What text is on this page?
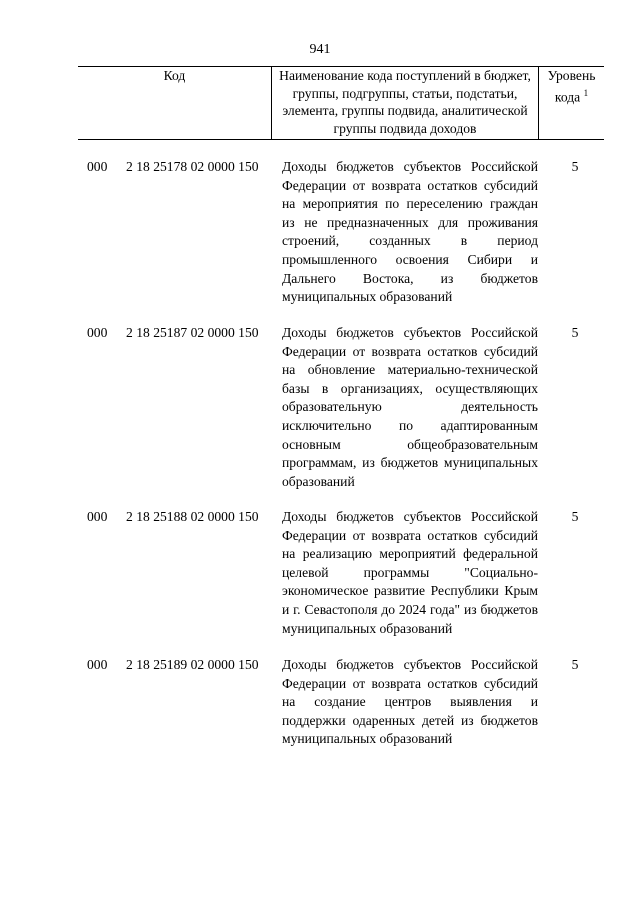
941
Код	Наименование кода поступлений в бюджет, группы, подгруппы, статьи, подстатьи, элемента, группы подвида, аналитической группы подвида доходов
Уровень кода $^1$
000 2 18 25178 02 0000 150 Доходы бюджетов субъектов Российской Федерации от возврата остатков субсидий на мероприятия по переселению граждан из не предназначенных для проживания строений, созданных в период промышленного освоения Сибири и Дальнего Востока, из бюджетов муниципальных образований
5
000 2 18 25187 02 0000 150 Доходы бюджетов субъектов Российской Федерации от возврата остатков субсидий на обновление материально-технической базы в организациях, осуществляющих образовательную деятельность исключительно по адаптированным основным общеобразовательным программам, из бюджетов муниципальных образований
5
000 2 18 25188 02 0000 150 Доходы бюджетов субъектов Российской Федерации от возврата остатков субсидий на реализацию мероприятий федеральной целевой программы "Социально-экономическое развитие Республики Крым и г. Севастополя до 2024 года" из бюджетов муниципальных образований
5
000 2 18 25189 02 0000 150 Доходы бюджетов субъектов Российской Федерации от возврата остатков субсидий на создание центров выявления и поддержки одаренных детей из бюджетов муниципальных образований
5
